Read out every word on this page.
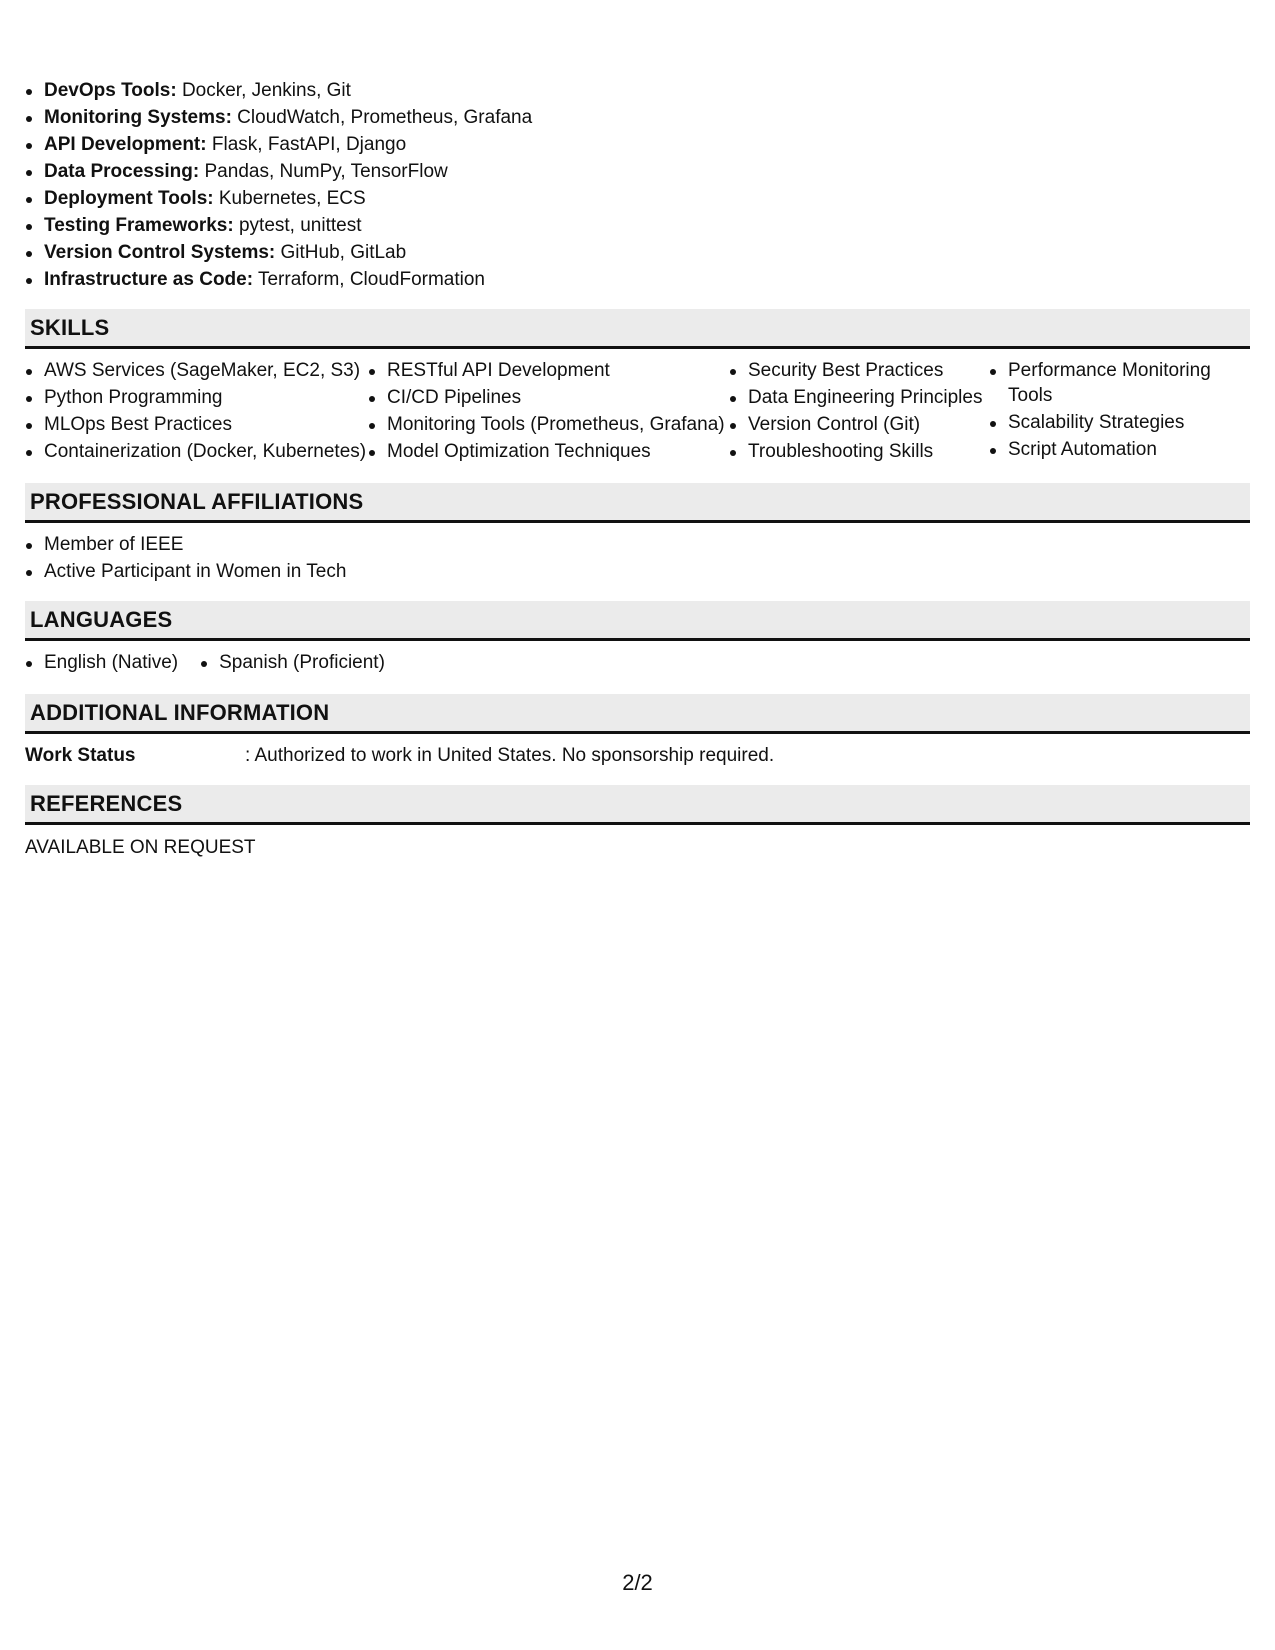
DevOps Tools: Docker, Jenkins, Git
Monitoring Systems: CloudWatch, Prometheus, Grafana
API Development: Flask, FastAPI, Django
Data Processing: Pandas, NumPy, TensorFlow
Deployment Tools: Kubernetes, ECS
Testing Frameworks: pytest, unittest
Version Control Systems: GitHub, GitLab
Infrastructure as Code: Terraform, CloudFormation
SKILLS
AWS Services (SageMaker, EC2, S3)
Python Programming
MLOps Best Practices
Containerization (Docker, Kubernetes)
RESTful API Development
CI/CD Pipelines
Monitoring Tools (Prometheus, Grafana)
Model Optimization Techniques
Security Best Practices
Data Engineering Principles
Version Control (Git)
Troubleshooting Skills
Performance Monitoring Tools
Scalability Strategies
Script Automation
PROFESSIONAL AFFILIATIONS
Member of IEEE
Active Participant in Women in Tech
LANGUAGES
English (Native)	Spanish (Proficient)
ADDITIONAL INFORMATION
Work Status	: Authorized to work in United States. No sponsorship required.
REFERENCES
AVAILABLE ON REQUEST
2/2
